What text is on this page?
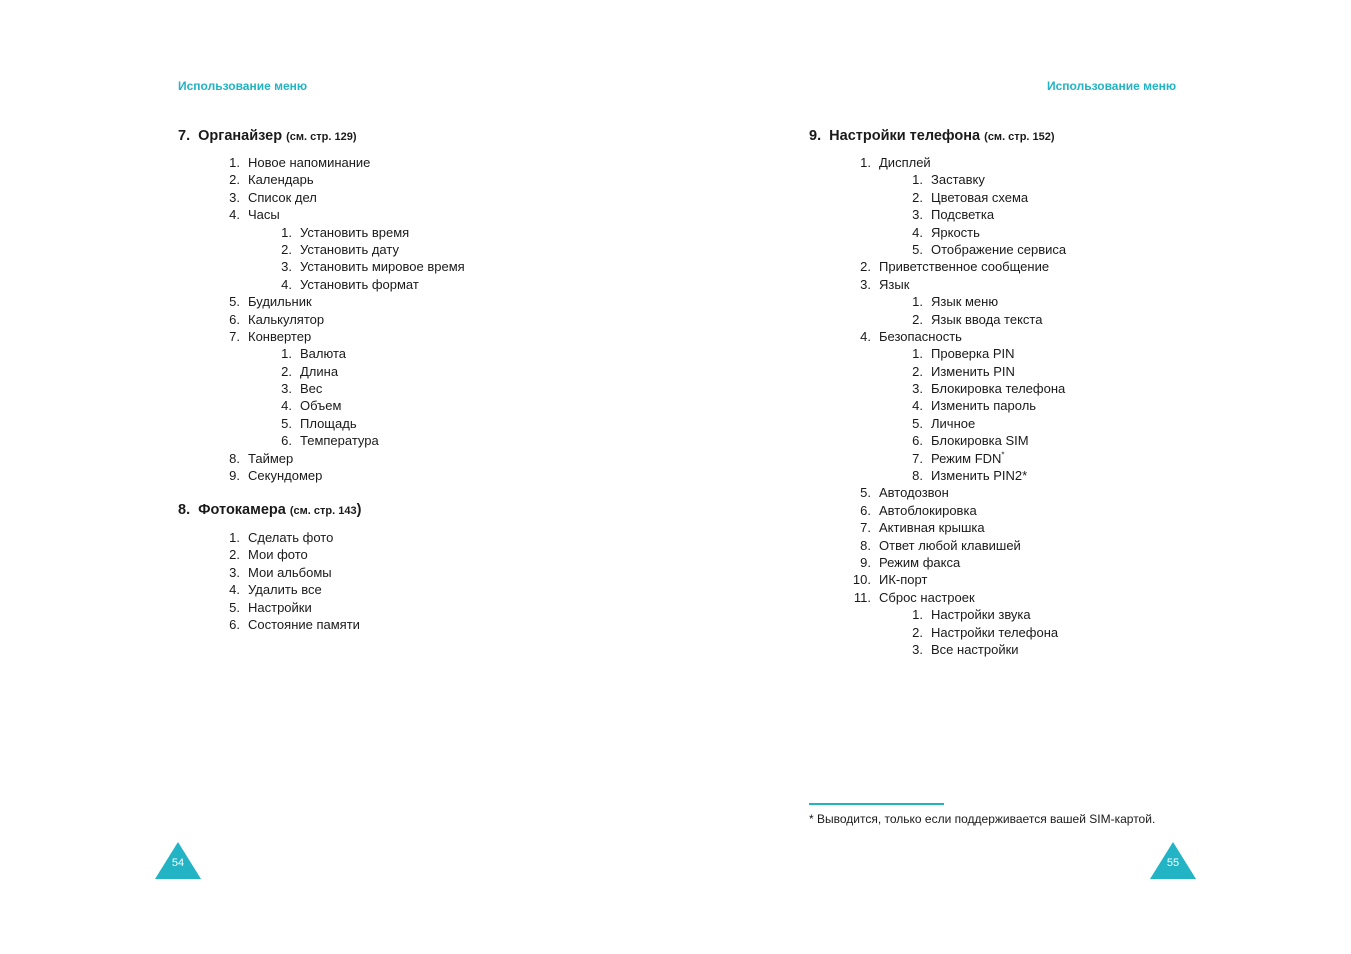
Использование меню	Использование меню
7. Органайзер (см. стр. 129)
1. Новое напоминание
2. Календарь
3. Список дел
4. Часы
1. Установить время
2. Установить дату
3. Установить мировое время
4. Установить формат
5. Будильник
6. Калькулятор
7. Конвертер
1. Валюта
2. Длина
3. Вес
4. Объем
5. Площадь
6. Температура
8. Таймер
9. Секундомер
8. Фотокамера (см. стр. 143)
1. Сделать фото
2. Мои фото
3. Мои альбомы
4. Удалить все
5. Настройки
6. Состояние памяти
9. Настройки телефона (см. стр. 152)
1. Дисплей
1. Заставку
2. Цветовая схема
3. Подсветка
4. Яркость
5. Отображение сервиса
2. Приветственное сообщение
3. Язык
1. Язык меню
2. Язык ввода текста
4. Безопасность
1. Проверка PIN
2. Изменить PIN
3. Блокировка телефона
4. Изменить пароль
5. Личное
6. Блокировка SIM
7. Режим FDN*
8. Изменить PIN2*
5. Автодозвон
6. Автоблокировка
7. Активная крышка
8. Ответ любой клавишей
9. Режим факса
10. ИК-порт
11. Сброс настроек
1. Настройки звука
2. Настройки телефона
3. Все настройки
* Выводится, только если поддерживается вашей SIM-картой.
54	55
